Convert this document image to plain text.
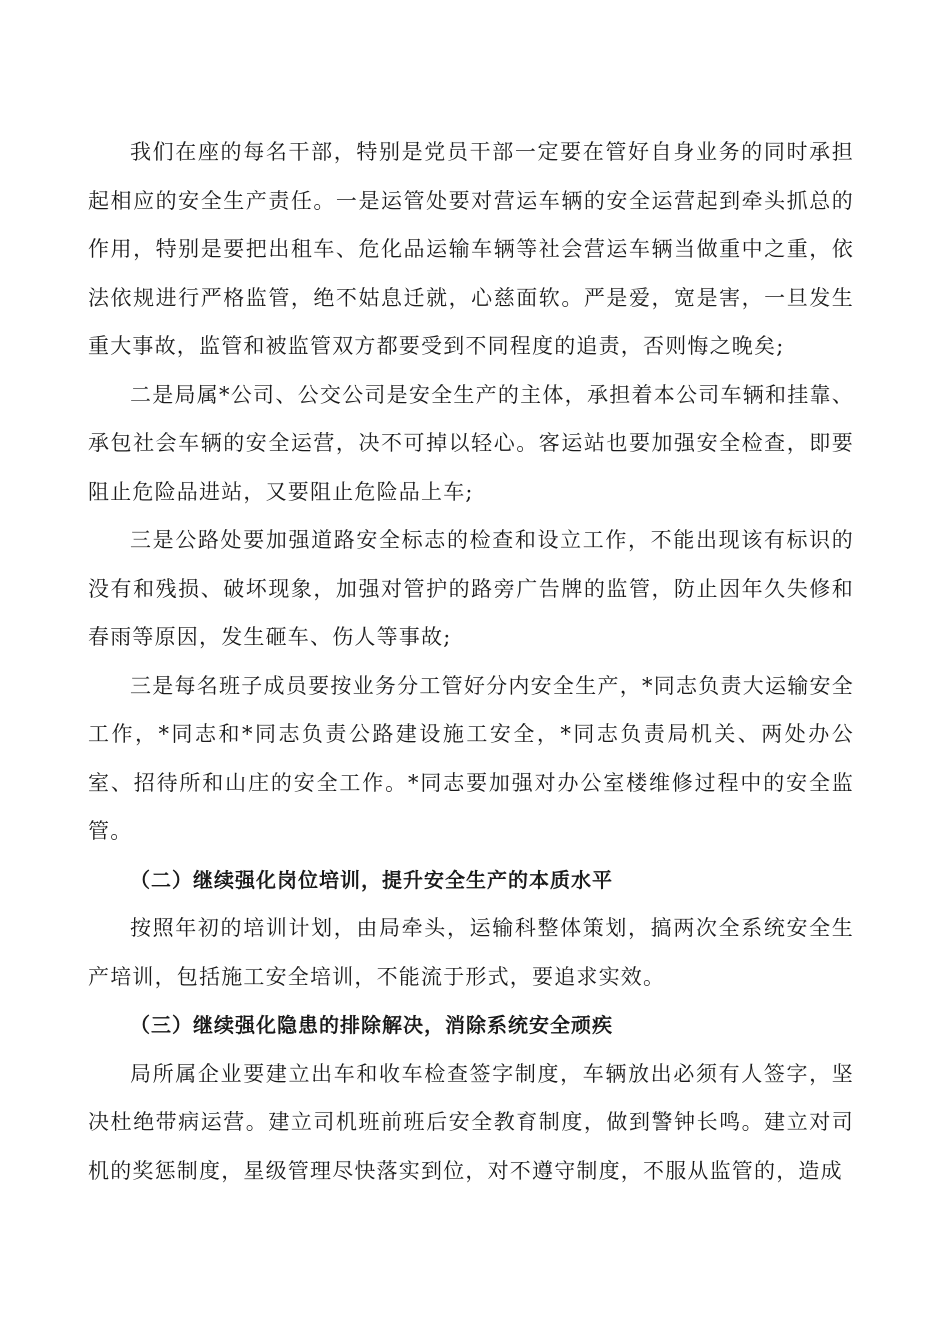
我们在座的每名干部，特别是党员干部一定要在管好自身业务的同时承担起相应的安全生产责任。一是运管处要对营运车辆的安全运营起到牵头抓总的作用，特别是要把出租车、危化品运输车辆等社会营运车辆当做重中之重，依法依规进行严格监管，绝不姑息迁就，心慈面软。严是爱，宽是害，一旦发生重大事故，监管和被监管双方都要受到不同程度的追责，否则悔之晚矣;

二是局属*公司、公交公司是安全生产的主体，承担着本公司车辆和挂靠、承包社会车辆的安全运营，决不可掉以轻心。客运站也要加强安全检查，即要阻止危险品进站，又要阻止危险品上车;

三是公路处要加强道路安全标志的检查和设立工作，不能出现该有标识的没有和残损、破坏现象，加强对管护的路旁广告牌的监管，防止因年久失修和春雨等原因，发生砸车、伤人等事故;

三是每名班子成员要按业务分工管好分内安全生产，*同志负责大运输安全工作，*同志和*同志负责公路建设施工安全，*同志负责局机关、两处办公室、招待所和山庄的安全工作。*同志要加强对办公室楼维修过程中的安全监管。

（二）继续强化岗位培训，提升安全生产的本质水平

按照年初的培训计划，由局牵头，运输科整体策划，搞两次全系统安全生产培训，包括施工安全培训，不能流于形式，要追求实效。

（三）继续强化隐患的排除解决，消除系统安全顽疾

局所属企业要建立出车和收车检查签字制度，车辆放出必须有人签字，坚决杜绝带病运营。建立司机班前班后安全教育制度，做到警钟长鸣。建立对司机的奖惩制度，星级管理尽快落实到位，对不遵守制度，不服从监管的，造成
